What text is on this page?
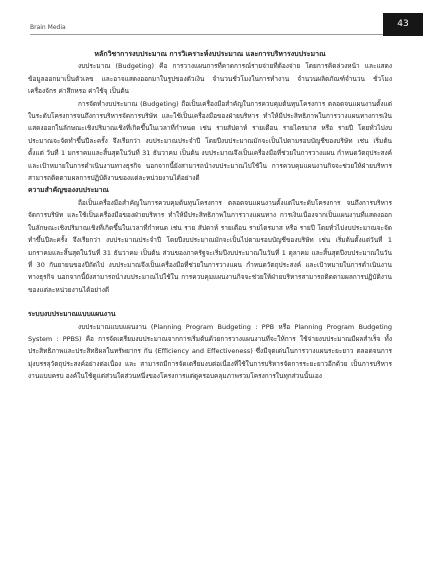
Brain Media	43
หลักวิชาการงบประมาณ การวิเคราะห์งบประมาณ และการบริหารงบประมาณ

งบประมาณ (Budgeting) คือ การวางแผนการที่คาดการณ์รายจ่ายที่ต้องจ่าย โดยการคิดล่วงหน้า และแสดงข้อมูลออกมาเป็นตัวเลข และอาจแสดงออกมาในรูปของตัวเงิน จำนวนชั่วโมงในการทำงาน จำนวนผลิตภัณฑ์จำนวน ชั่วโมงเครื่องจักร ค่าสึกหรอ ค่าใช้จุ เป็นต้น

การจัดทำงบประมาณ (Budgeting) ถือเป็นเครื่องมือสำคัญในการควบคุมต้นทุนโครงการ ตลอดจนแผนงานตั้งแต่ในระดับโครงการจนถึงการบริหารจัดการบริษัท และใช้เป็นเครื่องมือของฝ่ายบริหาร ทำให้มีประสิทธิภาพในการวางแผนทางการเงิน แสดงออกในลักษณะเชิงปริมาณเชิงที่เกิดขึ้นในเวลาที่กำหนด เช่น รายสัปดาห์ รายเดือน รายไตรมาส หรือ รายปี โดยทั่วไปงบประมาณจะจัดทำขึ้นปีละครั้ง จึงเรียกว่า งบประมาณประจำปี โดยปีงบประมาณมักจะเป็นไปตามรอบบัญชีของบริษัท เช่น เริ่มต้นตั้งแต่ วันที่ 1 มกราคมและสิ้นสุดในวันที่ 31 ธันวาคม เป็นต้น งบประมาณจึงเป็นเครื่องมือที่ช่วยในการวางแผน กำหนดวัตถุประสงค์ และเป้าหมายในการดำเนินงานทางธุรกิจ นอกจากนี้ยังสามารถนำงบประมาณไปใช้ใน การควบคุมแผนงานกิจจะช่วยให้ฝ่ายบริหารสามารถติดตามผลการปฏิบัติงานของแต่ละหน่วยงานได้อย่างดี

ความสำคัญของงบประมาณ

ถือเป็นเครื่องมือสำคัญในการควบคุมต้นทุนโครงการ ตลอดจนแผนงานตั้งแต่ในระดับโครงการ จนถึงการบริหารจัดการบริษัท และใช้เป็นเครื่องมือของฝ่ายบริหาร ทำให้มีประสิทธิภาพในการวางแผนทาง การเงินเนื่องจากเป็นแผนงานที่แสดงออกในลักษณะเชิงปริมาณเชิงที่เกิดขึ้นในเวลาที่กำหนด เช่น ราย สัปดาห์ รายเดือน รายไตรมาส หรือ รายปี โดยทั่วไปงบประมาณจะจัดทำขึ้นปีละครั้ง จึงเรียกว่า งบประมาณประจำปี โดยปีงบประมาณมักจะเป็นไปตามรอบบัญชีของบริษัท เช่น เริ่มต้นตั้งแต่วันที่ 1 มกราคมและสิ้นสุดในวันที่ 31 ธันวาคม เป็นต้น ส่วนของภาครัฐจะเริ่มปีงบประมาณในวันที่ 1 ตุลาคม และสิ้นสุดปีงบประมาณในวันที่ 30 กันยายนของปีถัดไป งบประมาณจึงเป็นเครื่องมือที่ช่วยในการวางแผน กำหนดวัตถุประสงค์ และเป้าหมายในการดำเนินงานทางธุรกิจ นอกจากนี้ยังสามารถนำงบประมาณไปใช้ใน การควบคุมแผนงานกิจจะช่วยให้ฝ่ายบริหารสามารถติดตามผลการปฏิบัติงานของแต่ละหน่วยงานได้อย่างดี

ระบบงบประมาณแบบแผนงาน

งบประมาณแบบแผนงาน (Planning Program Budgeting : PPB หรือ Planning Program Budgeting System : PPBS) คือ การจัดเตรียมงบประมาณจากการเริ่มต้นด้วยการวางแผนงานที่จะให้การ ใช้จ่ายงบประมาณมีผลสำเร็จ ทั้งประสิทธิภาพและประสิทธิผลในทรัพยากร กัน (Efficiency and Effectiveness) ซึ่งมีจุดเด่นในการวางแผนระยะยาว ตลอดจนการมุ่งบรรลุวัตถุประสงค์อย่างต่อเนื่อง และ สามารถมีการจัดเตรียมงบต่อเนื่องที่ใช้ในการบริหารจัดการระยะยาวอีกด้วย เป็นการบริหารงานแบบครบ องค์ในใช้ดูแต่ส่วนใดส่วนหนึ่งของโครงการแต่ดูครอบคลุมภาพรวมโครงการในทุกส่วนนั้นเอง
